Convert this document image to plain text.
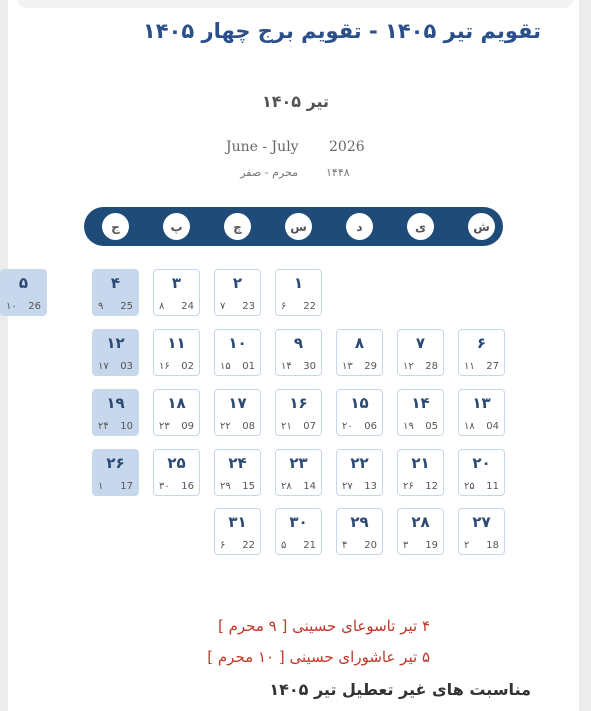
تقویم تیر ۱۴۰۵ - تقویم برج چهار ۱۴۰۵
تیر ۱۴۰۵
June - July 2026
محرم - صفر	۱۴۴۸
ش
ی
د
س
چ
پ
ج
۱
22
۶
۲
23
۷
۳
24
۸
۴
25
۹
۵
26
۱۰
۶
27
۱۱
۷
28
۱۲
۸
29
۱۳
۹
30
۱۴
۱۰
01
۱۵
۱۱
02
۱۶
۱۲
03
۱۷
۱۳
04
۱۸
۱۴
05
۱۹
۱۵
06
۲۰
۱۶
07
۲۱
۱۷
08
۲۲
۱۸
09
۲۳
۱۹
10
۲۴
۲۰
11
۲۵
۲۱
12
۲۶
۲۲
13
۲۷
۲۳
14
۲۸
۲۴
15
۲۹
۲۵
16
۳۰
۲۶
17
۱
۲۷
18
۲
۲۸
19
۳
۲۹
20
۴
۳۰
21
۵
۳۱
22
۶
۴ تیر تاسوعای حسینی [ ۹ محرم ]
۵ تیر عاشورای حسینی [ ۱۰ محرم ]
مناسبت های غیر تعطیل تیر ۱۴۰۵
